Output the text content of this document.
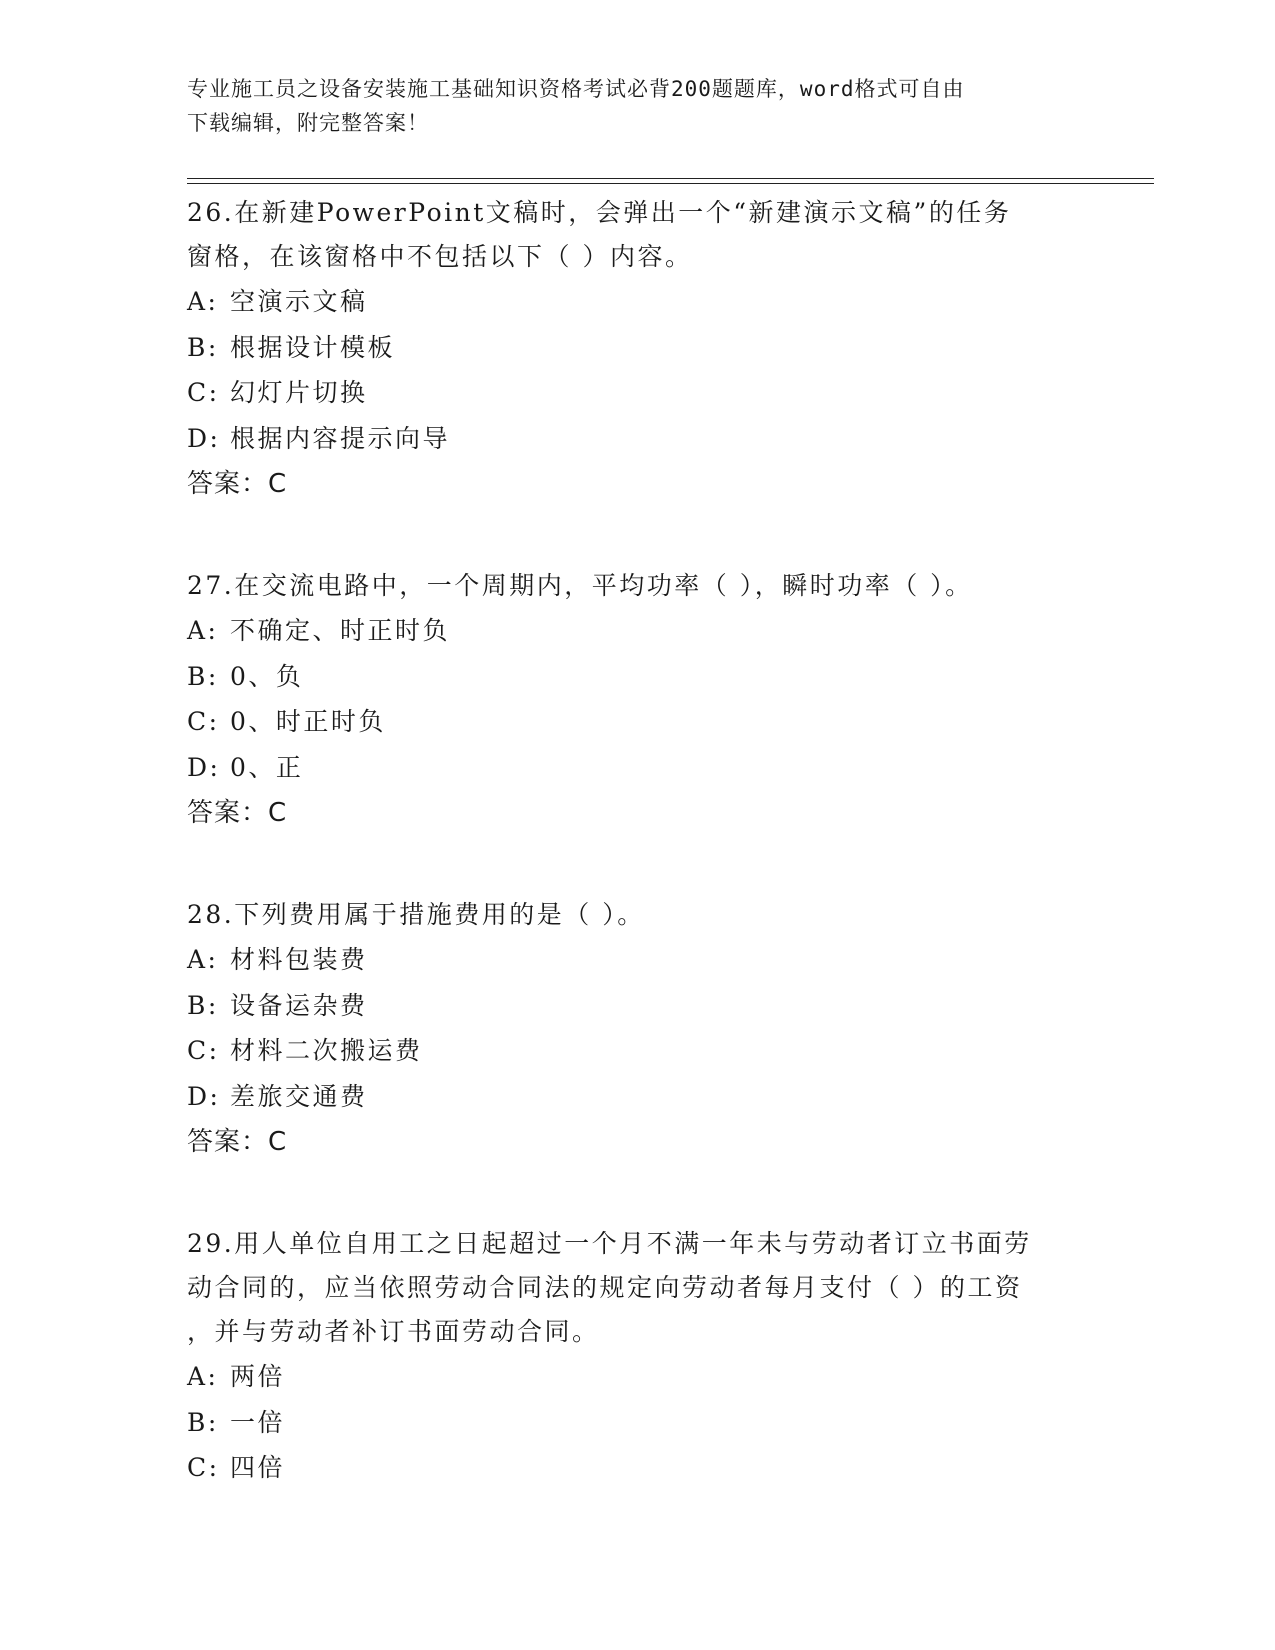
专业施工员之设备安装施工基础知识资格考试必背200题题库，word格式可自由
下载编辑，附完整答案！

26.在新建PowerPoint文稿时，会弹出一个“新建演示文稿”的任务

窗格，在该窗格中不包括以下（ ）内容。

A: 空演示文稿

B: 根据设计模板

C: 幻灯片切换

D: 根据内容提示向导

答案：C

27.在交流电路中，一个周期内，平均功率（ ），瞬时功率（ ）。

A: 不确定、时正时负

B: 0、负

C: 0、时正时负

D: 0、正

答案：C

28.下列费用属于措施费用的是（ ）。

A: 材料包装费

B: 设备运杂费

C: 材料二次搬运费

D: 差旅交通费

答案：C

29.用人单位自用工之日起超过一个月不满一年未与劳动者订立书面劳

动合同的，应当依照劳动合同法的规定向劳动者每月支付（ ）的工资

，并与劳动者补订书面劳动合同。

A: 两倍

B: 一倍

C: 四倍
